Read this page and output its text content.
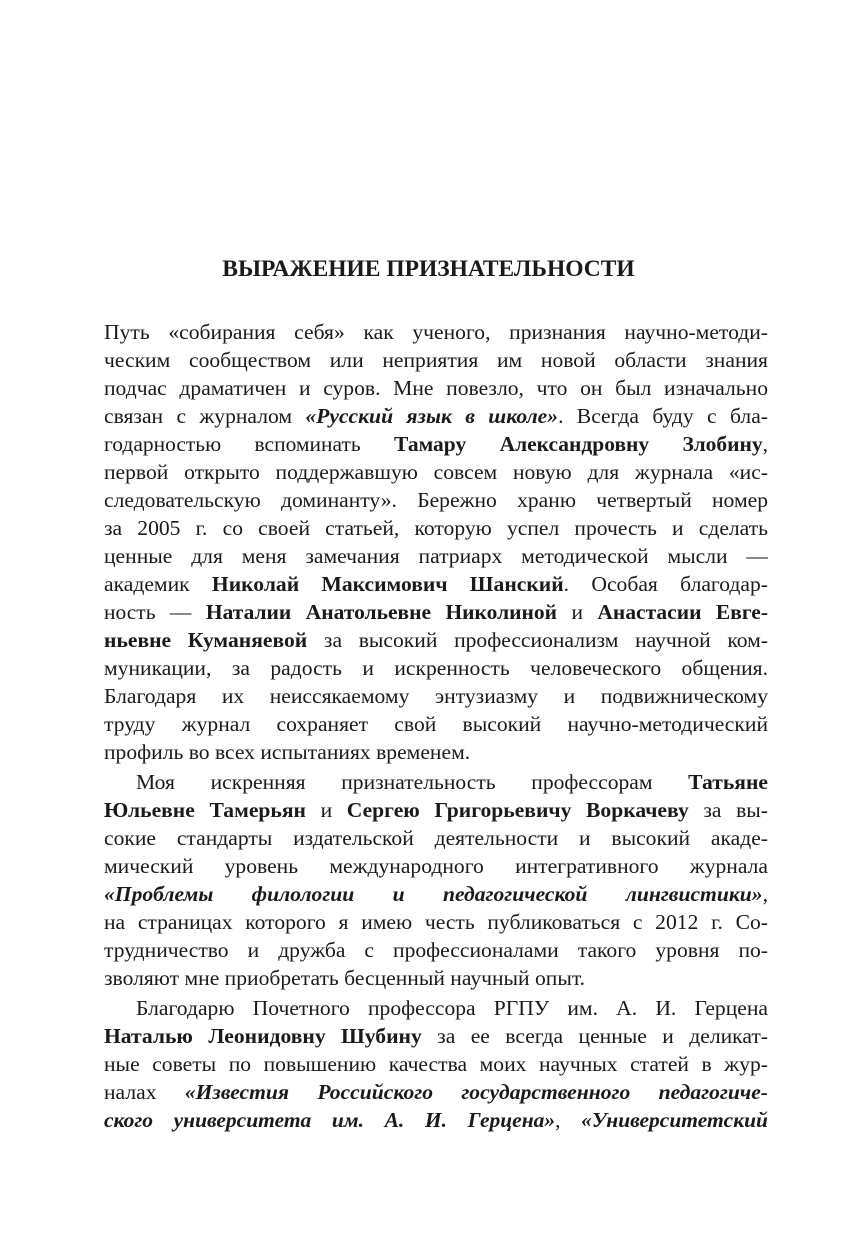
ВЫРАЖЕНИЕ ПРИЗНАТЕЛЬНОСТИ

Путь «собирания себя» как ученого, признания научно-методи-

ческим сообществом или неприятия им новой области знания

подчас драматичен и суров. Мне повезло, что он был изначально

связан с журналом «Русский язык в школе». Всегда буду с бла-

годарностью вспоминать Тамару Александровну Злобину,

первой открыто поддержавшую совсем новую для журнала «ис-

следовательскую доминанту». Бережно храню четвертый номер

за 2005 г. со своей статьей, которую успел прочесть и сделать

ценные для меня замечания патриарх методической мысли —

академик Николай Максимович Шанский. Особая благодар-

ность — Наталии Анатольевне Николиной и Анастасии Евге-

ньевне Куманяевой за высокий профессионализм научной ком-

муникации, за радость и искренность человеческого общения.

Благодаря их неиссякаемому энтузиазму и подвижническому

труду журнал сохраняет свой высокий научно-методический

профиль во всех испытаниях временем.

Моя искренняя признательность профессорам Татьяне

Юльевне Тамерьян и Сергею Григорьевичу Воркачеву за вы-

сокие стандарты издательской деятельности и высокий акаде-

мический уровень международного интегративного журнала

«Проблемы филологии и педагогической лингвистики»,

на страницах которого я имею честь публиковаться с 2012 г. Со-

трудничество и дружба с профессионалами такого уровня по-

зволяют мне приобретать бесценный научный опыт.

Благодарю Почетного профессора РГПУ им. А. И. Герцена

Наталью Леонидовну Шубину за ее всегда ценные и деликат-

ные советы по повышению качества моих научных статей в жур-

налах «Известия Российского государственного педагогиче-

ского университета им. А. И. Герцена», «Университетский
